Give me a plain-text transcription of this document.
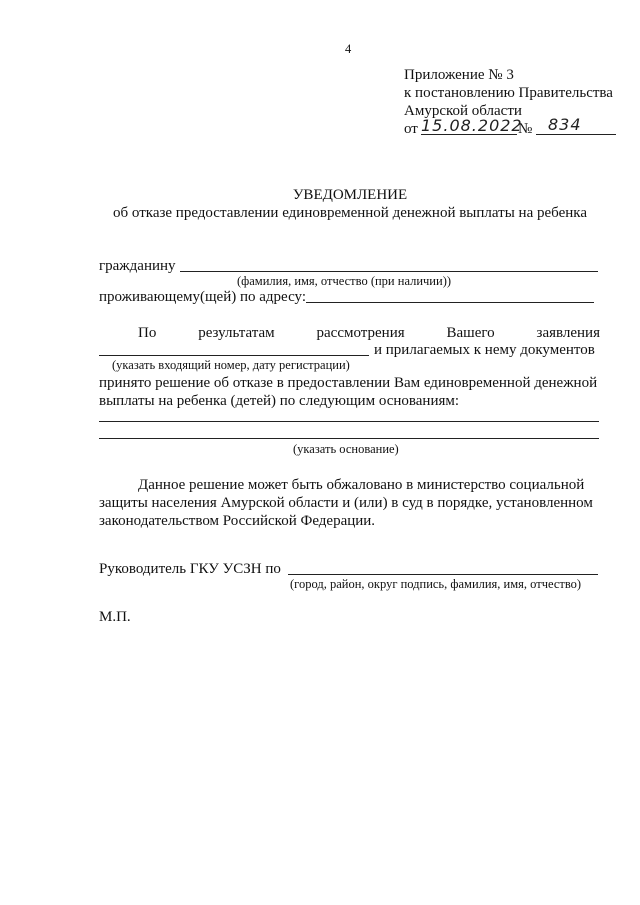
4
Приложение № 3
к постановлению Правительства
Амурской области
от 15.08.2022
№ 834
УВЕДОМЛЕНИЕ
об отказе предоставлении единовременной денежной выплаты на ребенка
гражданину
(фамилия, имя, отчество (при наличии))
проживающему(щей) по адресу:
По	результатам	рассмотрения	Вашего	заявления
и прилагаемых к нему документов
(указать входящий номер, дату регистрации)
принято решение об отказе в предоставлении Вам единовременной денежной
выплаты на ребенка (детей) по следующим основаниям:
(указать основание)
Данное решение может быть обжаловано в министерство социальной
защиты населения Амурской области и (или) в суд в порядке, установленном
законодательством Российской Федерации.
Руководитель ГКУ УСЗН по
(город, район, округ подпись, фамилия, имя, отчество)
М.П.
